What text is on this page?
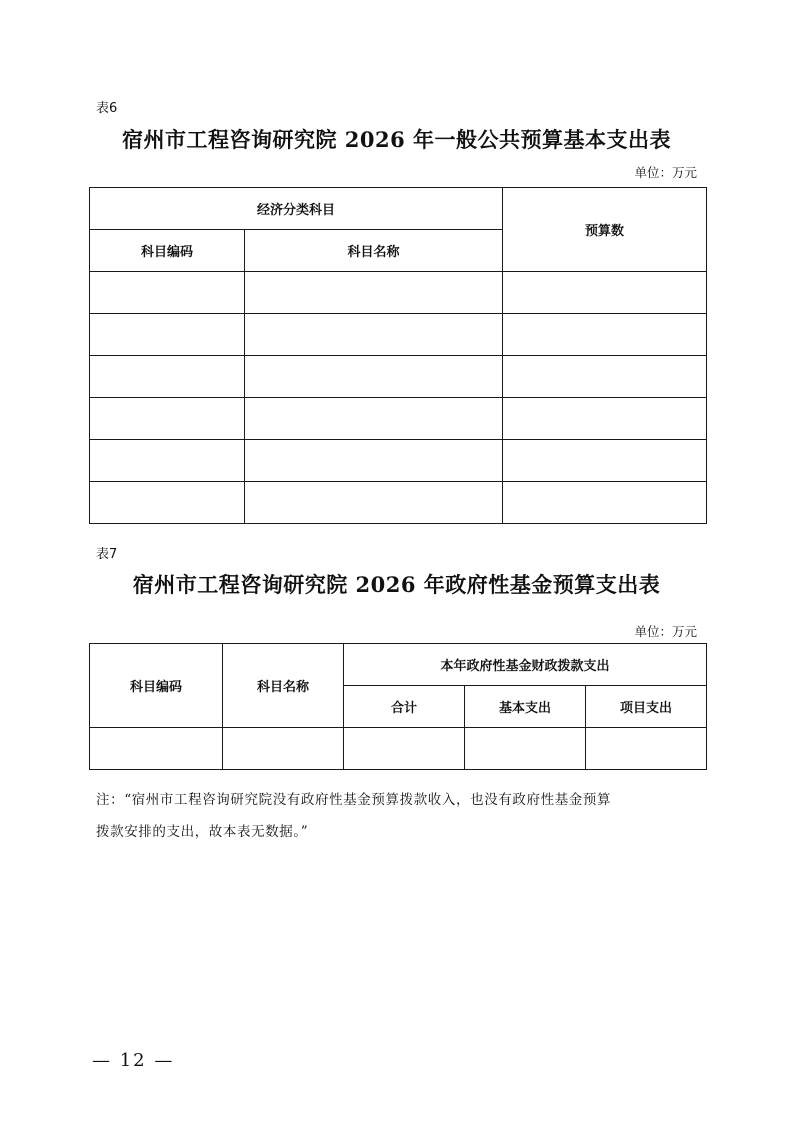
表6
宿州市工程咨询研究院 2026 年一般公共预算基本支出表
单位：万元
经济分类科目		预算数
科目编码	科目名称	

表7
宿州市工程咨询研究院 2026 年政府性基金预算支出表
单位：万元
科目编码	科目名称	本年政府性基金财政拨款支出		
		合计	基本支出	项目支出

注：“宿州市工程咨询研究院没有政府性基金预算拨款收入，也没有政府性基金预算
拨款安排的支出，故本表无数据。”
— 12 —
